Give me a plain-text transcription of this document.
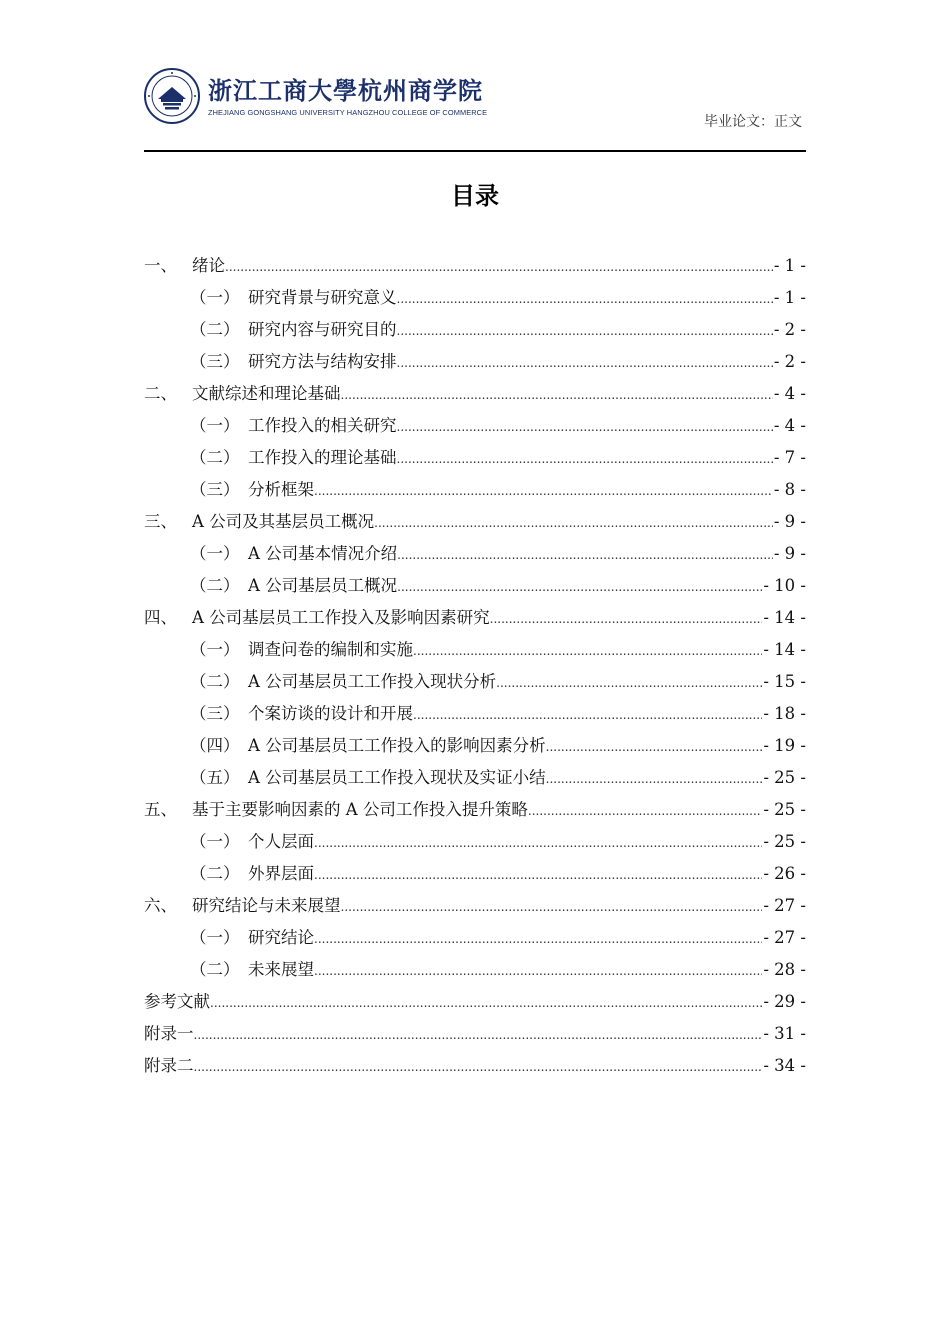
浙江工商大學杭州商学院
ZHEJIANG GONGSHANG UNIVERSITY HANGZHOU COLLEGE OF COMMERCE
毕业论文：正文
目录
一、 绪论 .....	- 1 -
（一） 研究背景与研究意义 .....	- 1 -
（二） 研究内容与研究目的 .....	- 2 -
（三） 研究方法与结构安排 .....	- 2 -
二、 文献综述和理论基础 .....	- 4 -
（一） 工作投入的相关研究 .....	- 4 -
（二） 工作投入的理论基础 .....	- 7 -
（三） 分析框架 .....	- 8 -
三、 A 公司及其基层员工概况 .....	- 9 -
（一） A 公司基本情况介绍 .....	- 9 -
（二） A 公司基层员工概况 .....	- 10 -
四、 A 公司基层员工工作投入及影响因素研究 .....	- 14 -
（一） 调查问卷的编制和实施 .....	- 14 -
（二） A 公司基层员工工作投入现状分析 .....	- 15 -
（三） 个案访谈的设计和开展 .....	- 18 -
（四） A 公司基层员工工作投入的影响因素分析 .....	- 19 -
（五） A 公司基层员工工作投入现状及实证小结 .....	- 25 -
五、 基于主要影响因素的 A 公司工作投入提升策略 .....	- 25 -
（一） 个人层面 .....	- 25 -
（二） 外界层面 .....	- 26 -
六、 研究结论与未来展望 .....	- 27 -
（一） 研究结论 .....	- 27 -
（二） 未来展望 .....	- 28 -
参考文献 .....	- 29 -
附录一 .....	- 31 -
附录二 .....	- 34 -
